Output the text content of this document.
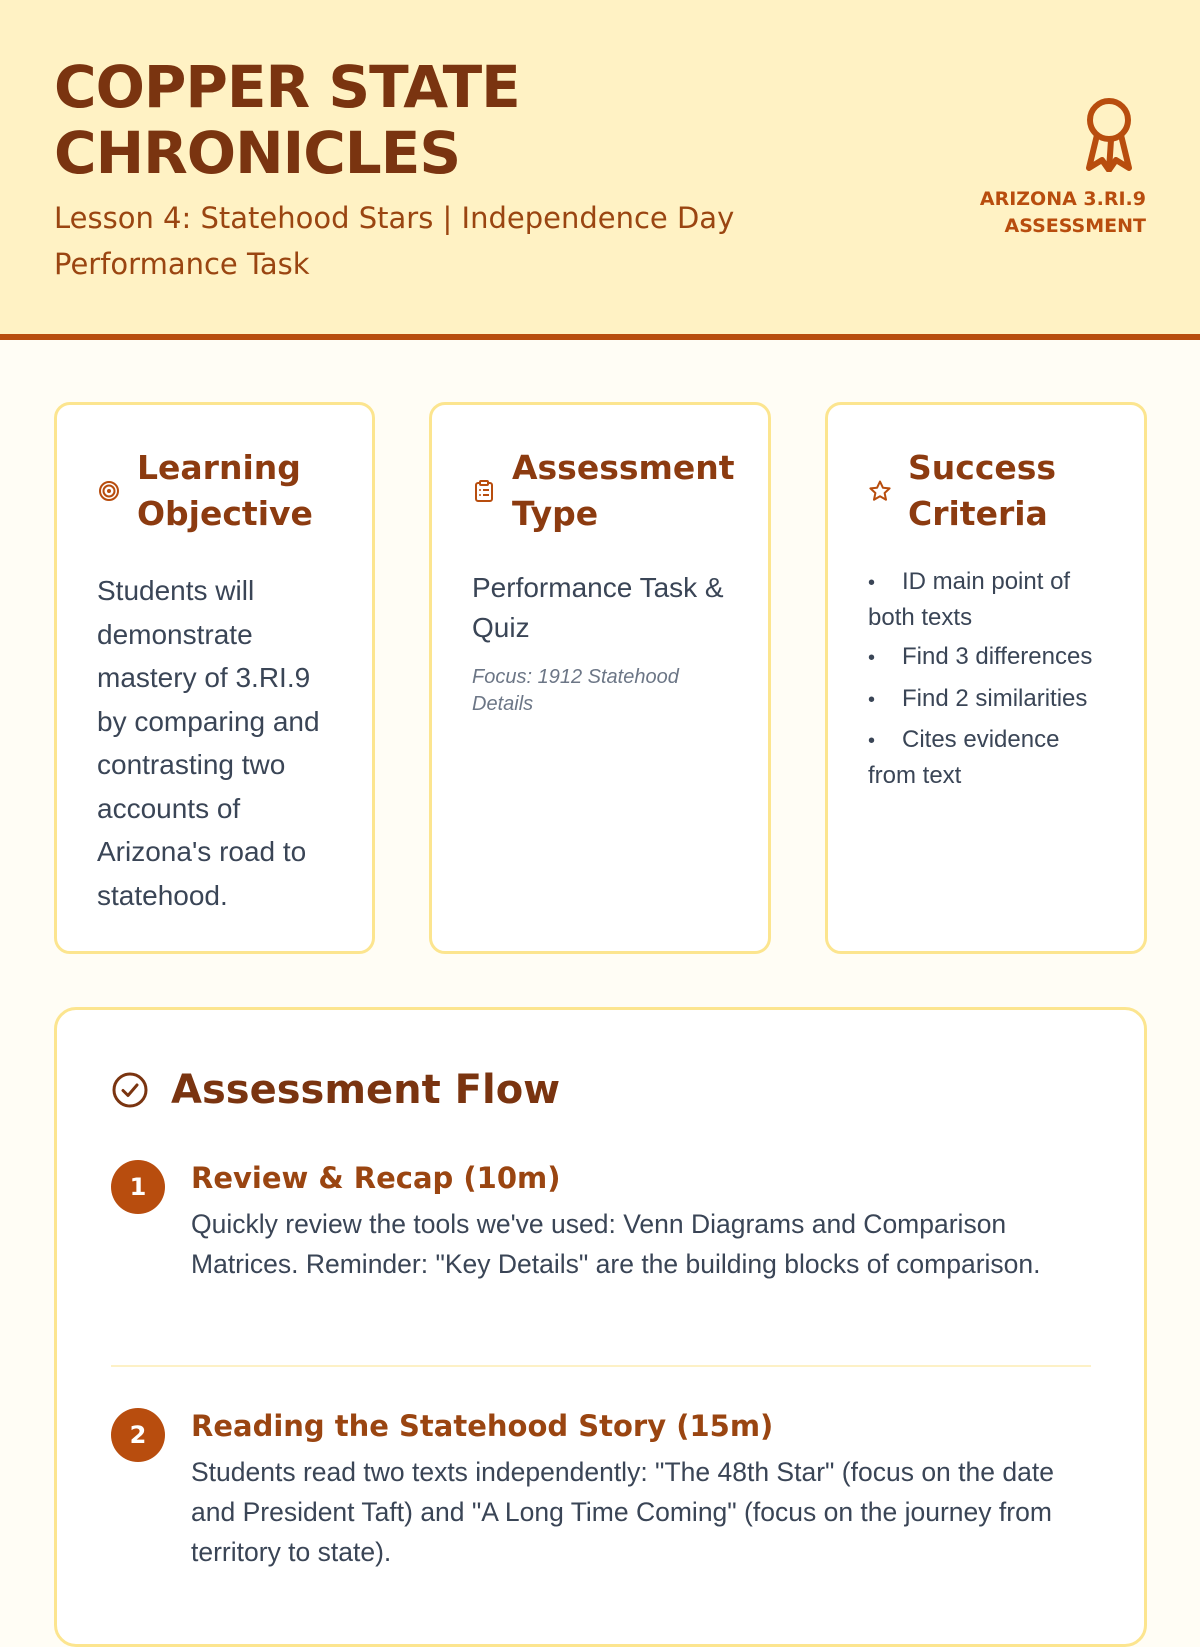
COPPER STATE
CHRONICLES

Lesson 4: Statehood Stars | Independence Day Performance Task

ARIZONA 3.RI.9
ASSESSMENT
Learning
Objective

Students will demonstrate mastery of 3.RI.9 by comparing and contrasting two accounts of Arizona's road to statehood.

Assessment
Type

Performance Task & Quiz

Focus: 1912 Statehood Details

Success
Criteria
• ID main point of both texts
• Find 3 differences
• Find 2 similarities
• Cites evidence from text
Assessment Flow
1	Review & Recap (10m)

Quickly review the tools we've used: Venn Diagrams and Comparison Matrices. Reminder: "Key Details" are the building blocks of comparison.

2	Reading the Statehood Story (15m)

Students read two texts independently: "The 48th Star" (focus on the date and President Taft) and "A Long Time Coming" (focus on the journey from territory to state).
